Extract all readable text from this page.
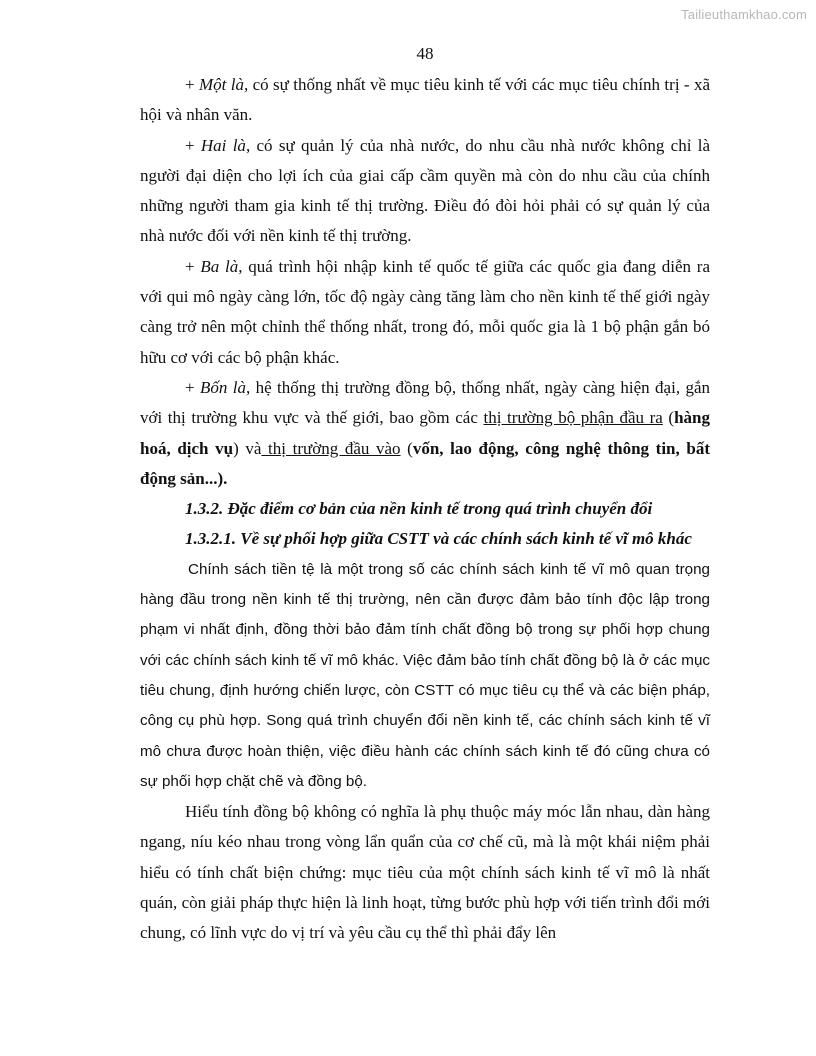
Tailieuthamkhao.com
48

+ Một là, có sự thống nhất về mục tiêu kinh tế với các mục tiêu chính trị - xã hội và nhân văn.

+ Hai là, có sự quản lý của nhà nước, do nhu cầu nhà nước không chỉ là người đại diện cho lợi ích của giai cấp cầm quyền mà còn do nhu cầu của chính những người tham gia kinh tế thị trường. Điều đó đòi hỏi phải có sự quản lý của nhà nước đối với nền kinh tế thị trường.

+ Ba là, quá trình hội nhập kinh tế quốc tế giữa các quốc gia đang diễn ra với qui mô ngày càng lớn, tốc độ ngày càng tăng làm cho nền kinh tế thế giới ngày càng trở nên một chỉnh thể thống nhất, trong đó, mỗi quốc gia là 1 bộ phận gắn bó hữu cơ với các bộ phận khác.

+ Bốn là, hệ thống thị trường đồng bộ, thống nhất, ngày càng hiện đại, gắn với thị trường khu vực và thế giới, bao gồm các thị trường bộ phận đầu ra (hàng hoá, dịch vụ) và thị trường đầu vào (vốn, lao động, công nghệ thông tin, bất động sản...).

1.3.2. Đặc điểm cơ bản của nền kinh tế trong quá trình chuyển đổi

1.3.2.1. Về sự phối hợp giữa CSTT và các chính sách kinh tế vĩ mô khác

Chính sách tiền tệ là một trong số các chính sách kinh tế vĩ mô quan trọng hàng đầu trong nền kinh tế thị trường, nên cần được đảm bảo tính độc lập trong phạm vi nhất định, đồng thời bảo đảm tính chất đồng bộ trong sự phối hợp chung với các chính sách kinh tế vĩ mô khác. Việc đảm bảo tính chất đồng bộ là ở các mục tiêu chung, định hướng chiến lược, còn CSTT có mục tiêu cụ thể và các biện pháp, công cụ phù hợp. Song quá trình chuyển đổi nền kinh tế, các chính sách kinh tế vĩ mô chưa được hoàn thiện, việc điều hành các chính sách kinh tế đó cũng chưa có sự phối hợp chặt chẽ và đồng bộ.

Hiểu tính đồng bộ không có nghĩa là phụ thuộc máy móc lẫn nhau, dàn hàng ngang, níu kéo nhau trong vòng lẩn quẩn của cơ chế cũ, mà là một khái niệm phải hiểu có tính chất biện chứng: mục tiêu của một chính sách kinh tế vĩ mô là nhất quán, còn giải pháp thực hiện là linh hoạt, từng bước phù hợp với tiến trình đổi mới chung, có lĩnh vực do vị trí và yêu cầu cụ thể thì phải đẩy lên
